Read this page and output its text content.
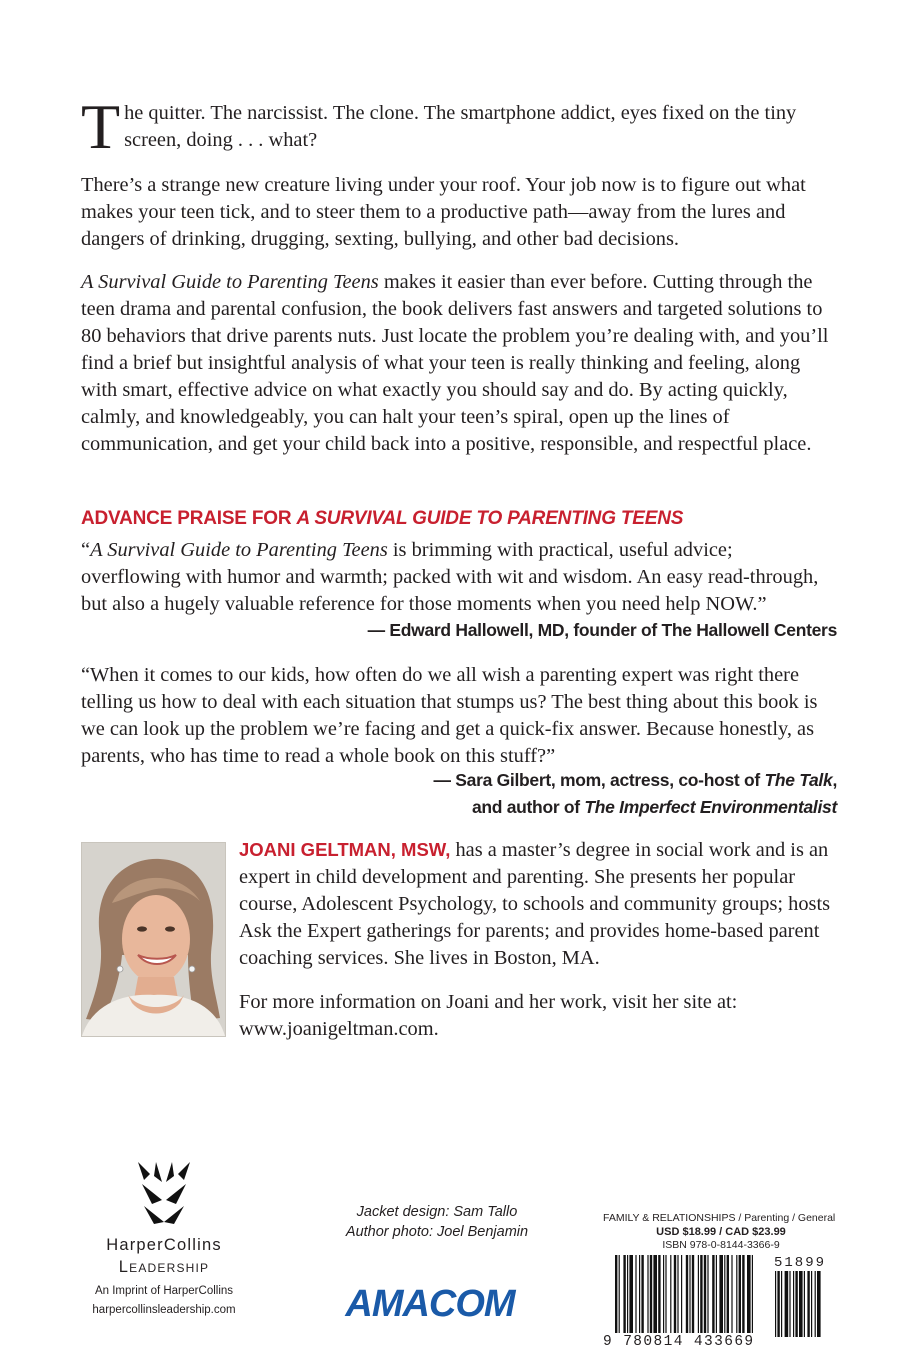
The quitter. The narcissist. The clone. The smartphone addict, eyes fixed on the tiny screen, doing . . . what?

There’s a strange new creature living under your roof. Your job now is to figure out what makes your teen tick, and to steer them to a productive path—away from the lures and dangers of drinking, drugging, sexting, bullying, and other bad decisions.

A Survival Guide to Parenting Teens makes it easier than ever before. Cutting through the teen drama and parental confusion, the book delivers fast answers and targeted solutions to 80 behaviors that drive parents nuts. Just locate the problem you’re dealing with, and you’ll find a brief but insightful analysis of what your teen is really thinking and feeling, along with smart, effective advice on what exactly you should say and do. By acting quickly, calmly, and knowledgeably, you can halt your teen’s spiral, open up the lines of communication, and get your child back into a positive, responsible, and respectful place.

ADVANCE PRAISE FOR A SURVIVAL GUIDE TO PARENTING TEENS

“A Survival Guide to Parenting Teens is brimming with practical, useful advice; overflowing with humor and warmth; packed with wit and wisdom. An easy read-through, but also a hugely valuable reference for those moments when you need help NOW.”

— Edward Hallowell, MD, founder of The Hallowell Centers

“When it comes to our kids, how often do we all wish a parenting expert was right there telling us how to deal with each situation that stumps us? The best thing about this book is we can look up the problem we’re facing and get a quick-fix answer. Because honestly, as parents, who has time to read a whole book on this stuff?”

— Sara Gilbert, mom, actress, co-host of The Talk,
and author of The Imperfect Environmentalist

JOANI GELTMAN, MSW, has a master’s degree in social work and is an expert in child development and parenting. She presents her popular course, Adolescent Psychology, to schools and community groups; hosts Ask the Expert gatherings for parents; and provides home-based parent coaching services. She lives in Boston, MA.

For more information on Joani and her work, visit her site at: www.joanigeltman.com.

HarperCollins
Leadership
An Imprint of HarperCollins
harpercollinsleadership.com
Jacket design: Sam Tallo
Author photo: Joel Benjamin
AMACOM
FAMILY & RELATIONSHIPS / Parenting / General
USD $18.99 / CAD $23.99
ISBN 978-0-8144-3366-9
9 780814 433669
51899
